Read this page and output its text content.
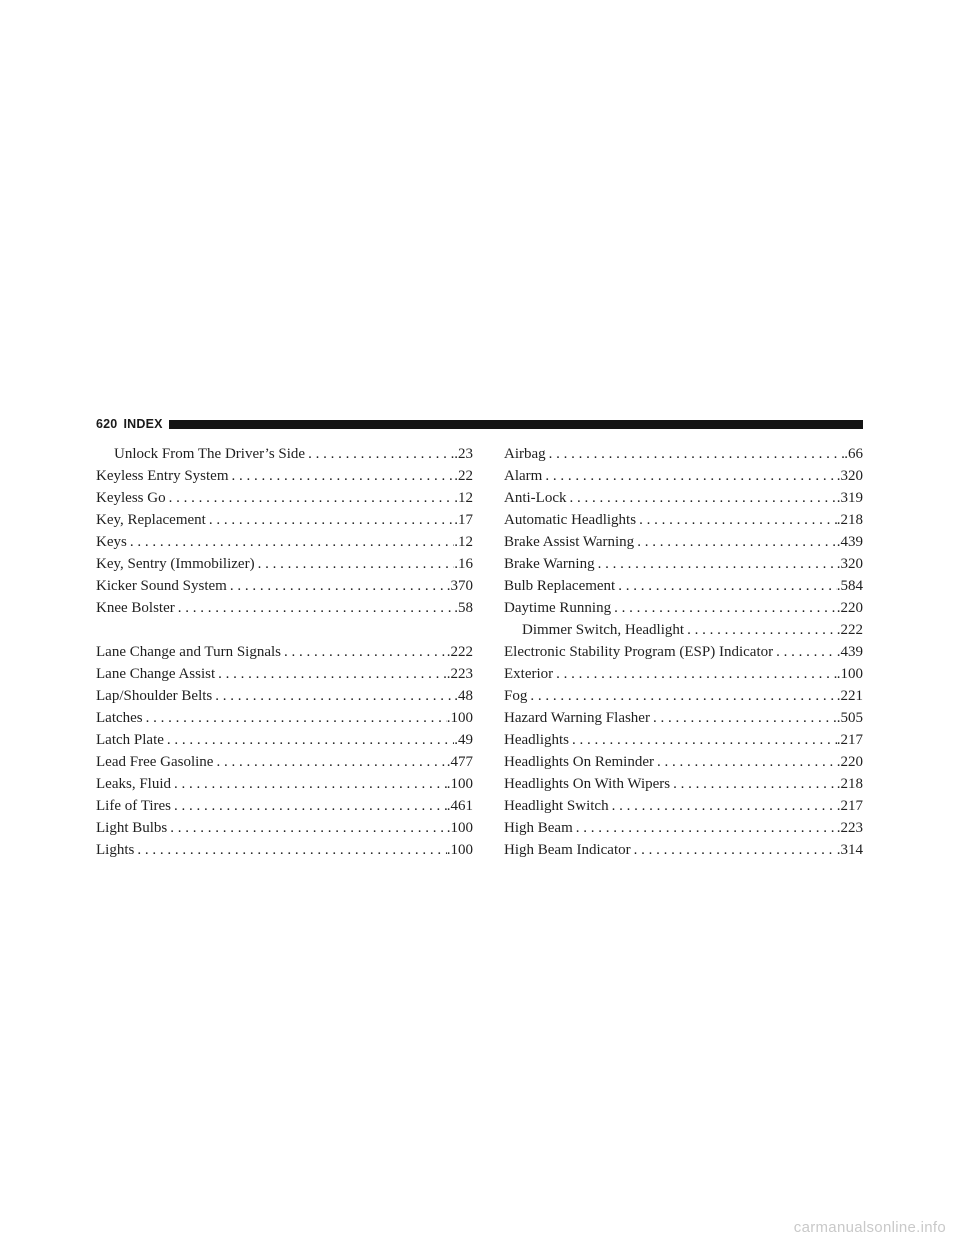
620 INDEX
Unlock From The Driver’s Side . . .	.23
Keyless Entry System . . .	.22
Keyless Go . . .	.12
Key, Replacement . . .	.17
Keys . . .	.12
Key, Sentry (Immobilizer) . . .	.16
Kicker Sound System . . .	.370
Knee Bolster . . .	.58
Lane Change and Turn Signals . . .	.222
Lane Change Assist . . .	.223
Lap/Shoulder Belts . . .	.48
Latches . . .	.100
Latch Plate . . .	.49
Lead Free Gasoline . . .	.477
Leaks, Fluid . . .	.100
Life of Tires . . .	.461
Light Bulbs . . .	.100
Lights . . .	.100
Airbag . . .	.66
Alarm . . .	.320
Anti-Lock . . .	.319
Automatic Headlights . . .	.218
Brake Assist Warning . . .	.439
Brake Warning . . .	.320
Bulb Replacement . . .	.584
Daytime Running . . .	.220
Dimmer Switch, Headlight . . .	.222
Electronic Stability Program (ESP) Indicator . . .	.439
Exterior . . .	.100
Fog . . .	.221
Hazard Warning Flasher . . .	.505
Headlights . . .	.217
Headlights On Reminder . . .	.220
Headlights On With Wipers . . .	.218
Headlight Switch . . .	.217
High Beam . . .	.223
High Beam Indicator . . .	.314
carmanualsonline.info
